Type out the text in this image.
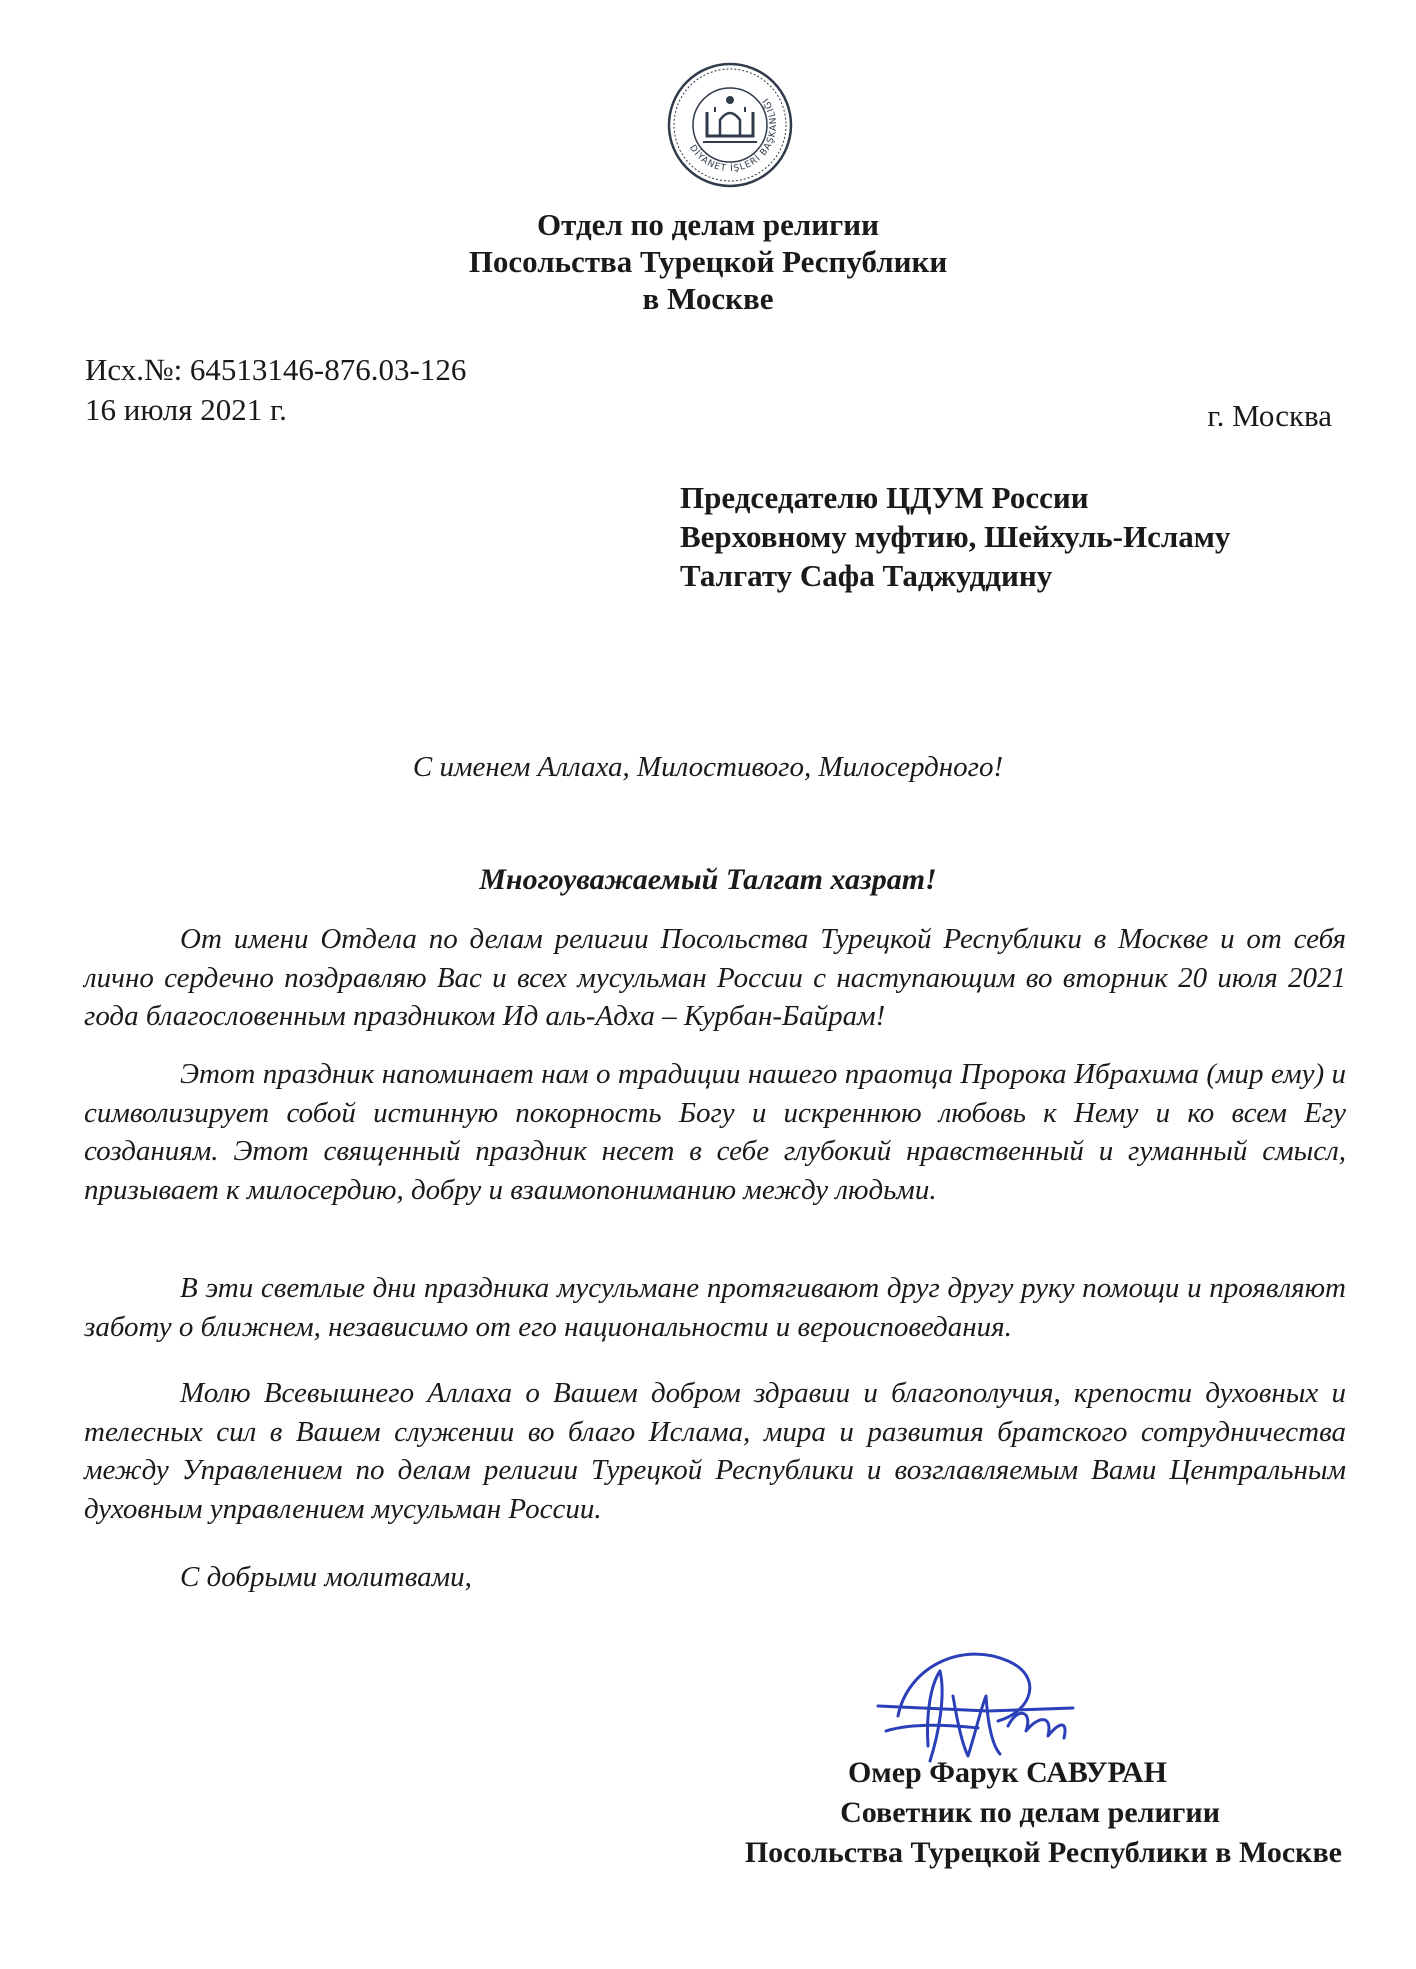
DİYANET İŞLERİ BAŞKANLIĞI
Отдел по делам религии
Посольства Турецкой Республики
в Москве
Исх.№: 64513146-876.03-126
16 июля 2021 г.	г. Москва
Председателю ЦДУМ России
Верховному муфтию, Шейхуль-Исламу
Талгату Сафа Таджуддину
С именем Аллаха, Милостивого, Милосердного!
Многоуважаемый Талгат хазрат!

От имени Отдела по делам религии Посольства Турецкой Республики в Москве и от себя лично сердечно поздравляю Вас и всех мусульман России с наступающим во вторник 20 июля 2021 года благословенным праздником Ид аль-Адха – Курбан-Байрам!

Этот праздник напоминает нам о традиции нашего праотца Пророка Ибрахима (мир ему) и символизирует собой истинную покорность Богу и искреннюю любовь к Нему и ко всем Егу созданиям. Этот священный праздник несет в себе глубокий нравственный и гуманный смысл, призывает к милосердию, добру и взаимопониманию между людьми.

В эти светлые дни праздника мусульмане протягивают друг другу руку помощи и проявляют заботу о ближнем, независимо от его национальности и вероисповедания.

Молю Всевышнего Аллаха о Вашем добром здравии и благополучия, крепости духовных и телесных сил в Вашем служении во благо Ислама, мира и развития братского сотрудничества между Управлением по делам религии Турецкой Республики и возглавляемым Вами Центральным духовным управлением мусульман России.

С добрыми молитвами,

Омер Фарук САВУРАН
Советник по делам религии
Посольства Турецкой Республики в Москве
